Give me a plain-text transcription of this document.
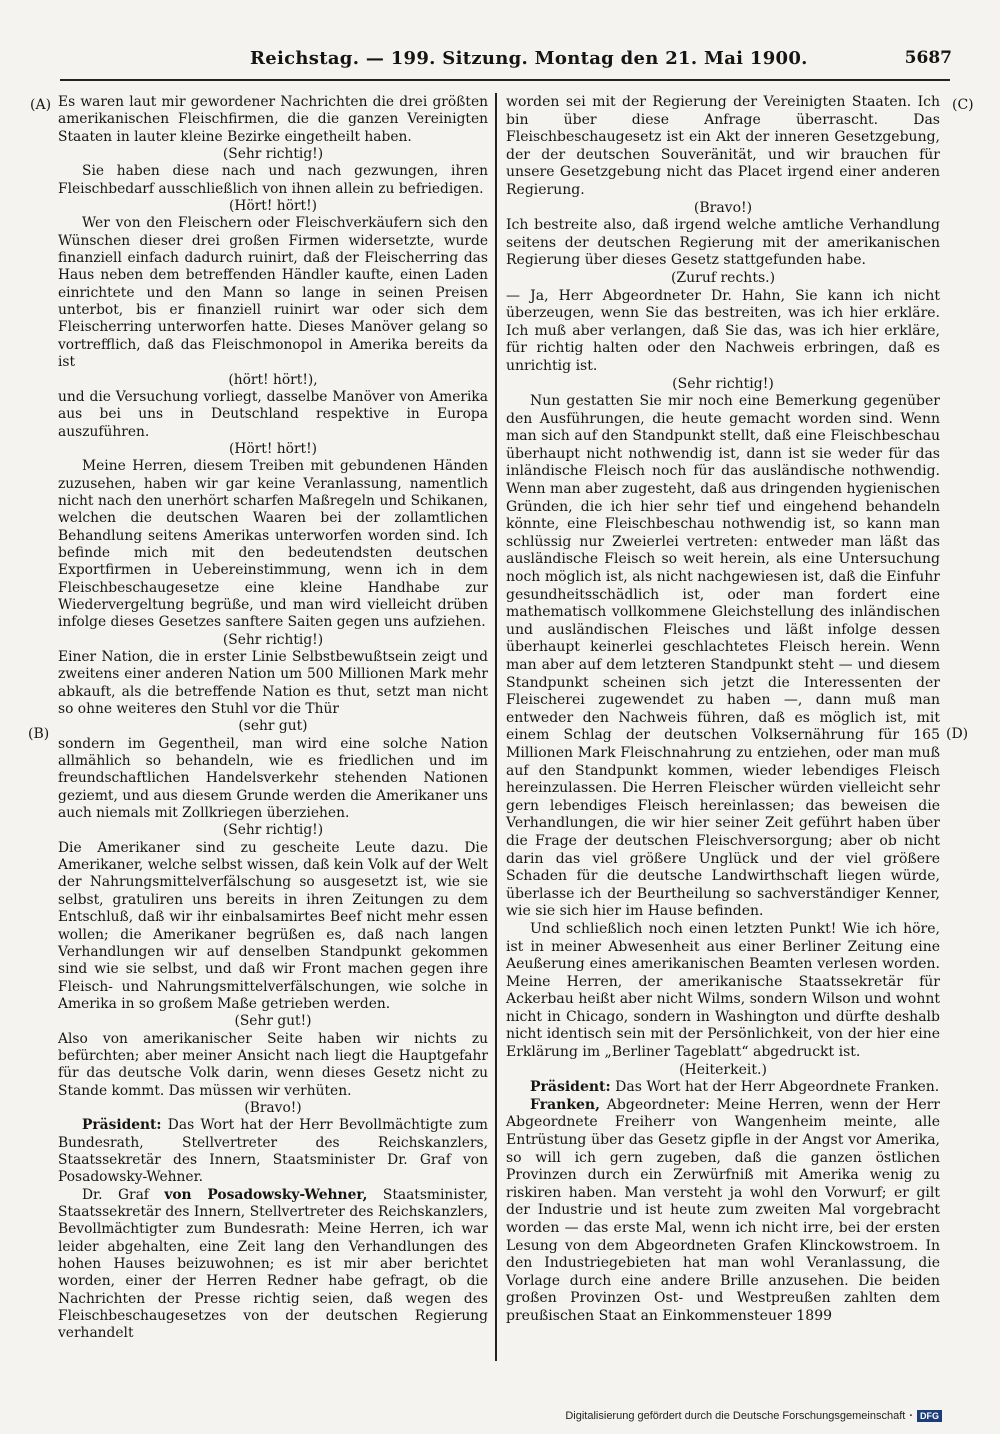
Reichstag. — 199. Sitzung. Montag den 21. Mai 1900.	5687
(A)
(B)
(C)
(D)

Es waren laut mir gewordener Nachrichten die drei größten amerikanischen Fleischfirmen, die die ganzen Vereinigten Staaten in lauter kleine Bezirke eingetheilt haben.

(Sehr richtig!)

Sie haben diese nach und nach gezwungen, ihren Fleischbedarf ausschließlich von ihnen allein zu befriedigen.

(Hört! hört!)

Wer von den Fleischern oder Fleischverkäufern sich den Wünschen dieser drei großen Firmen widersetzte, wurde finanziell einfach dadurch ruinirt, daß der Fleischerring das Haus neben dem betreffenden Händler kaufte, einen Laden einrichtete und den Mann so lange in seinen Preisen unterbot, bis er finanziell ruinirt war oder sich dem Fleischerring unterworfen hatte. Dieses Manöver gelang so vortrefflich, daß das Fleischmonopol in Amerika bereits da ist

(hört! hört!),

und die Versuchung vorliegt, dasselbe Manöver von Amerika aus bei uns in Deutschland respektive in Europa auszuführen.

(Hört! hört!)

Meine Herren, diesem Treiben mit gebundenen Händen zuzusehen, haben wir gar keine Veranlassung, namentlich nicht nach den unerhört scharfen Maßregeln und Schikanen, welchen die deutschen Waaren bei der zollamtlichen Behandlung seitens Amerikas unterworfen worden sind. Ich befinde mich mit den bedeutendsten deutschen Exportfirmen in Uebereinstimmung, wenn ich in dem Fleischbeschaugesetze eine kleine Handhabe zur Wiedervergeltung begrüße, und man wird vielleicht drüben infolge dieses Gesetzes sanftere Saiten gegen uns aufziehen.

(Sehr richtig!)

Einer Nation, die in erster Linie Selbstbewußtsein zeigt und zweitens einer anderen Nation um 500 Millionen Mark mehr abkauft, als die betreffende Nation es thut, setzt man nicht so ohne weiteres den Stuhl vor die Thür

(sehr gut)

sondern im Gegentheil, man wird eine solche Nation allmählich so behandeln, wie es friedlichen und im freundschaftlichen Handelsverkehr stehenden Nationen geziemt, und aus diesem Grunde werden die Amerikaner uns auch niemals mit Zollkriegen überziehen.

(Sehr richtig!)

Die Amerikaner sind zu gescheite Leute dazu. Die Amerikaner, welche selbst wissen, daß kein Volk auf der Welt der Nahrungsmittelverfälschung so ausgesetzt ist, wie sie selbst, gratuliren uns bereits in ihren Zeitungen zu dem Entschluß, daß wir ihr einbalsamirtes Beef nicht mehr essen wollen; die Amerikaner begrüßen es, daß nach langen Verhandlungen wir auf denselben Standpunkt gekommen sind wie sie selbst, und daß wir Front machen gegen ihre Fleisch- und Nahrungsmittelverfälschungen, wie solche in Amerika in so großem Maße getrieben werden.

(Sehr gut!)

Also von amerikanischer Seite haben wir nichts zu befürchten; aber meiner Ansicht nach liegt die Hauptgefahr für das deutsche Volk darin, wenn dieses Gesetz nicht zu Stande kommt. Das müssen wir verhüten.

(Bravo!)

Präsident: Das Wort hat der Herr Bevollmächtigte zum Bundesrath, Stellvertreter des Reichskanzlers, Staatssekretär des Innern, Staatsminister Dr. Graf von Posadowsky-Wehner.

Dr. Graf von Posadowsky-Wehner, Staatsminister, Staatssekretär des Innern, Stellvertreter des Reichskanzlers, Bevollmächtigter zum Bundesrath: Meine Herren, ich war leider abgehalten, eine Zeit lang den Verhandlungen des hohen Hauses beizuwohnen; es ist mir aber berichtet worden, einer der Herren Redner habe gefragt, ob die Nachrichten der Presse richtig seien, daß wegen des Fleischbeschaugesetzes von der deutschen Regierung verhandelt

worden sei mit der Regierung der Vereinigten Staaten. Ich bin über diese Anfrage überrascht. Das Fleischbeschaugesetz ist ein Akt der inneren Gesetzgebung, der der deutschen Souveränität, und wir brauchen für unsere Gesetzgebung nicht das Placet irgend einer anderen Regierung.

(Bravo!)

Ich bestreite also, daß irgend welche amtliche Verhandlung seitens der deutschen Regierung mit der amerikanischen Regierung über dieses Gesetz stattgefunden habe.

(Zuruf rechts.)

— Ja, Herr Abgeordneter Dr. Hahn, Sie kann ich nicht überzeugen, wenn Sie das bestreiten, was ich hier erkläre. Ich muß aber verlangen, daß Sie das, was ich hier erkläre, für richtig halten oder den Nachweis erbringen, daß es unrichtig ist.

(Sehr richtig!)

Nun gestatten Sie mir noch eine Bemerkung gegenüber den Ausführungen, die heute gemacht worden sind. Wenn man sich auf den Standpunkt stellt, daß eine Fleischbeschau überhaupt nicht nothwendig ist, dann ist sie weder für das inländische Fleisch noch für das ausländische nothwendig. Wenn man aber zugesteht, daß aus dringenden hygienischen Gründen, die ich hier sehr tief und eingehend behandeln könnte, eine Fleischbeschau nothwendig ist, so kann man schlüssig nur Zweierlei vertreten: entweder man läßt das ausländische Fleisch so weit herein, als eine Untersuchung noch möglich ist, als nicht nachgewiesen ist, daß die Einfuhr gesundheitsschädlich ist, oder man fordert eine mathematisch vollkommene Gleichstellung des inländischen und ausländischen Fleisches und läßt infolge dessen überhaupt keinerlei geschlachtetes Fleisch herein. Wenn man aber auf dem letzteren Standpunkt steht — und diesem Standpunkt scheinen sich jetzt die Interessenten der Fleischerei zugewendet zu haben —, dann muß man entweder den Nachweis führen, daß es möglich ist, mit einem Schlag der deutschen Volksernährung für 165 Millionen Mark Fleischnahrung zu entziehen, oder man muß auf den Standpunkt kommen, wieder lebendiges Fleisch hereinzulassen. Die Herren Fleischer würden vielleicht sehr gern lebendiges Fleisch hereinlassen; das beweisen die Verhandlungen, die wir hier seiner Zeit geführt haben über die Frage der deutschen Fleischversorgung; aber ob nicht darin das viel größere Unglück und der viel größere Schaden für die deutsche Landwirthschaft liegen würde, überlasse ich der Beurtheilung so sachverständiger Kenner, wie sie sich hier im Hause befinden.

Und schließlich noch einen letzten Punkt! Wie ich höre, ist in meiner Abwesenheit aus einer Berliner Zeitung eine Aeußerung eines amerikanischen Beamten verlesen worden. Meine Herren, der amerikanische Staatssekretär für Ackerbau heißt aber nicht Wilms, sondern Wilson und wohnt nicht in Chicago, sondern in Washington und dürfte deshalb nicht identisch sein mit der Persönlichkeit, von der hier eine Erklärung im „Berliner Tageblatt“ abgedruckt ist.

(Heiterkeit.)

Präsident: Das Wort hat der Herr Abgeordnete Franken.

Franken, Abgeordneter: Meine Herren, wenn der Herr Abgeordnete Freiherr von Wangenheim meinte, alle Entrüstung über das Gesetz gipfle in der Angst vor Amerika, so will ich gern zugeben, daß die ganzen östlichen Provinzen durch ein Zerwürfniß mit Amerika wenig zu riskiren haben. Man versteht ja wohl den Vorwurf; er gilt der Industrie und ist heute zum zweiten Mal vorgebracht worden — das erste Mal, wenn ich nicht irre, bei der ersten Lesung von dem Abgeordneten Grafen Klinckowstroem. In den Industriegebieten hat man wohl Veranlassung, die Vorlage durch eine andere Brille anzusehen. Die beiden großen Provinzen Ost- und Westpreußen zahlten dem preußischen Staat an Einkommensteuer 1899

Digitalisierung gefördert durch die Deutsche Forschungsgemeinschaft · DFG
